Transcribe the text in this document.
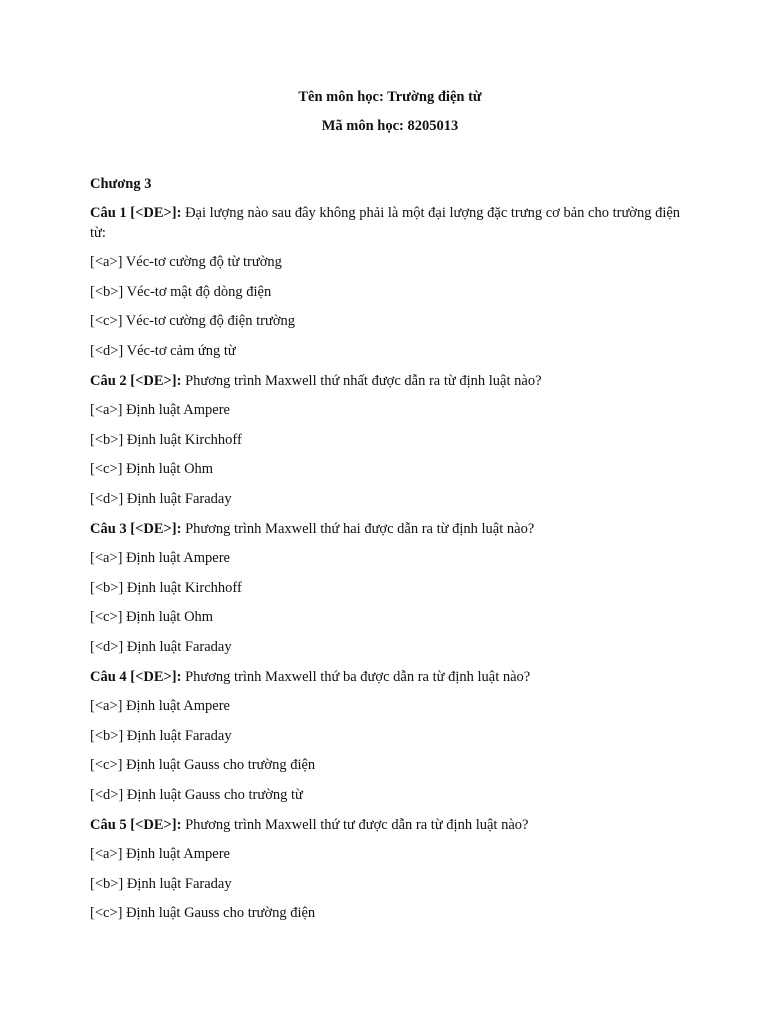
Tên môn học: Trường điện từ

Mã môn học: 8205013

Chương 3
Câu 1 [<DE>]: Đại lượng nào sau đây không phải là một đại lượng đặc trưng cơ bản cho trường điện từ:
[<a>] Véc-tơ cường độ từ trường
[<b>] Véc-tơ mật độ dòng điện
[<c>] Véc-tơ cường độ điện trường
[<d>] Véc-tơ cảm ứng từ
Câu 2 [<DE>]: Phương trình Maxwell thứ nhất được dẫn ra từ định luật nào?
[<a>] Định luật Ampere
[<b>] Định luật Kirchhoff
[<c>] Định luật Ohm
[<d>] Định luật Faraday
Câu 3 [<DE>]: Phương trình Maxwell thứ hai được dẫn ra từ định luật nào?
[<a>] Định luật Ampere
[<b>] Định luật Kirchhoff
[<c>] Định luật Ohm
[<d>] Định luật Faraday
Câu 4 [<DE>]: Phương trình Maxwell thứ ba được dẫn ra từ định luật nào?
[<a>] Định luật Ampere
[<b>] Định luật Faraday
[<c>] Định luật Gauss cho trường điện
[<d>] Định luật Gauss cho trường từ
Câu 5 [<DE>]: Phương trình Maxwell thứ tư được dẫn ra từ định luật nào?
[<a>] Định luật Ampere
[<b>] Định luật Faraday
[<c>] Định luật Gauss cho trường điện
